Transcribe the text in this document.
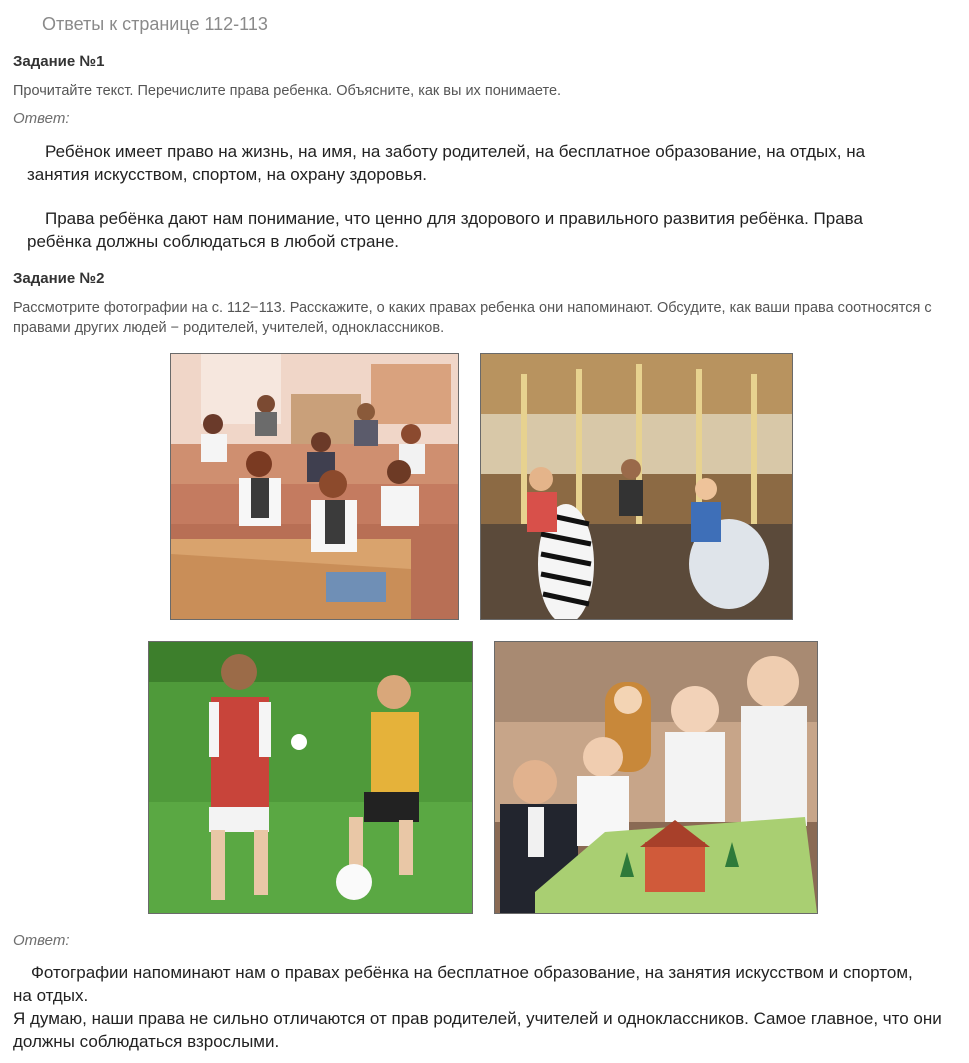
Ответы к странице 112-113
Задание №1

Прочитайте текст. Перечислите права ребенка. Объясните, как вы их понимаете.

Ответ:

Ребёнок имеет право на жизнь, на имя, на заботу родителей, на бесплатное образование, на отдых, на занятия искусством, спортом, на охрану здоровья.

Права ребёнка дают нам понимание, что ценно для здорового и правильного развития ребёнка. Права ребёнка должны соблюдаться в любой стране.

Задание №2

Рассмотрите фотографии на с. 112−113. Расскажите, о каких правах ребенка они напоминают. Обсудите, как ваши права соотносятся с правами других людей − родителей, учителей, одноклассников.

Ответ:

Фотографии напоминают нам о правах ребёнка на бесплатное образование, на занятия искусством и спортом, на отдых.

Я думаю, наши права не сильно отличаются от прав родителей, учителей и одноклассников. Самое главное, что они должны соблюдаться взрослыми.
